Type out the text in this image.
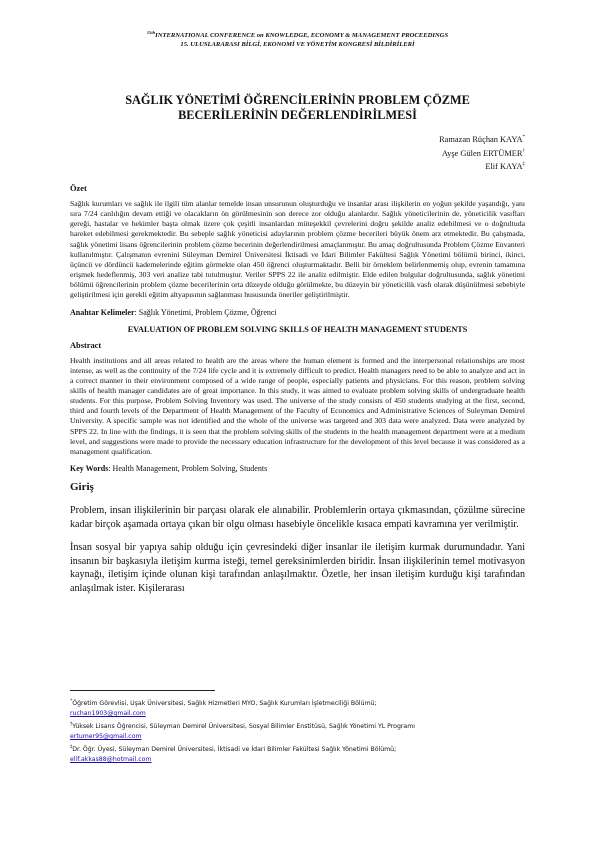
$^{15th}$INTERNATIONAL CONFERENCE on KNOWLEDGE, ECONOMY & MANAGEMENT PROCEEDINGS
15. ULUSLARARASI BİLGİ, EKONOMİ VE YÖNETİM KONGRESİ BİLDİRİLERİ
SAĞLIK YÖNETİMİ ÖĞRENCİLERİNİN PROBLEM ÇÖZME
BECERİLERİNİN DEĞERLENDİRİLMESİ
Ramazan Rüçhan KAYA*
Ayşe Gülen ERTÜMER†
Elif KAYA‡
Özet

Sağlık kurumları ve sağlık ile ilgili tüm alanlar temelde insan unsurunun oluşturduğu ve insanlar arası ilişkilerin en yoğun şekilde yaşandığı, yanı sıra 7/24 canlılığın devam ettiği ve olacakların ön görülmesinin son derece zor olduğu alanlardır. Sağlık yöneticilerinin de, yöneticilik vasıfları gereği, hastalar ve hekimler başta olmak üzere çok çeşitli insanlardan müteşekkil çevrelerini doğru şekilde analiz edebilmesi ve o doğrultuda hareket edebilmesi gerekmektedir. Bu sebeple sağlık yöneticisi adaylarının problem çözme becerileri büyük önem arz etmektedir. Bu çalışmada, sağlık yönetimi lisans öğrencilerinin problem çözme becerinin değerlendirilmesi amaçlanmıştır. Bu amaç doğrultusunda Problem Çözme Envanteri kullanılmıştır. Çalışmanın evrenini Süleyman Demirel Üniversitesi İktisadi ve İdari Bilimler Fakültesi Sağlık Yönetimi bölümü birinci, ikinci, üçüncü ve dördüncü kademelerinde eğitim görmekte olan 450 öğrenci oluşturmaktadır. Belli bir örneklem belirlenmemiş olup, evrenin tamamına erişmek hedeflenmiş, 303 veri analize tabi tutulmuştur. Veriler SPPS 22 ile analiz edilmiştir. Elde edilen bulgular doğrultusunda, sağlık yönetimi bölümü öğrencilerinin problem çözme becerilerinin orta düzeyde olduğu görülmekte, bu düzeyin bir yöneticilik vasfı olarak düşünülmesi sebebiyle geliştirilmesi için gerekli eğitim altyapısının sağlanması hususunda öneriler geliştirilmiştir.

Anahtar Kelimeler: Sağlık Yönetimi, Problem Çözme, Öğrenci
EVALUATION OF PROBLEM SOLVING SKILLS OF HEALTH MANAGEMENT STUDENTS
Abstract

Health institutions and all areas related to health are the areas where the human element is formed and the interpersonal relationships are most intense, as well as the continuity of the 7/24 life cycle and it is extremely difficult to predict. Health managers need to be able to analyze and act in a correct manner in their environment composed of a wide range of people, especially patients and physicians. For this reason, problem solving skills of health manager candidates are of great importance. In this study, it was aimed to evaluate problem solving skills of undergraduate health students. For this purpose, Problem Solving Inventory was used. The universe of the study consists of 450 students studying at the first, second, third and fourth levels of the Department of Health Management of the Faculty of Economics and Administrative Sciences of Suleyman Demirel University. A specific sample was not identified and the whole of the universe was targeted and 303 data were analyzed. Data were analyzed by SPPS 22. In line with the findings, it is seen that the problem solving skills of the students in the health management department were at a medium level, and suggestions were made to provide the necessary education infrastructure for the development of this level because it was considered as a management qualification.

Key Words: Health Management, Problem Solving, Students
Giriş

Problem, insan ilişkilerinin bir parçası olarak ele alınabilir. Problemlerin ortaya çıkmasından, çözülme sürecine kadar birçok aşamada ortaya çıkan bir olgu olması hasebiyle öncelikle kısaca empati kavramına yer verilmiştir.

İnsan sosyal bir yapıya sahip olduğu için çevresindeki diğer insanlar ile iletişim kurmak durumundadır. Yani insanın bir başkasıyla iletişim kurma isteği, temel gereksinimlerden biridir. İnsan ilişkilerinin temel motivasyon kaynağı, iletişim içinde olunan kişi tarafından anlaşılmaktır. Özetle, her insan iletişim kurduğu kişi tarafından anlaşılmak ister. Kişilerarası

*Öğretim Görevlisi, Uşak Üniversitesi, Sağlık Hizmetleri MYO, Sağlık Kurumları İşletmeciliği Bölümü;
ruchan1903@gmail.com
†Yüksek Lisans Öğrencisi, Süleyman Demirel Üniversitesi, Sosyal Bilimler Enstitüsü, Sağlık Yönetimi YL Programı
ertumer95@gmail.com
‡Dr. Öğr. Üyesi, Süleyman Demirel Üniversitesi, İktisadi ve İdari Bilimler Fakültesi Sağlık Yönetimi Bölümü;
elif.akkas88@hotmail.com
